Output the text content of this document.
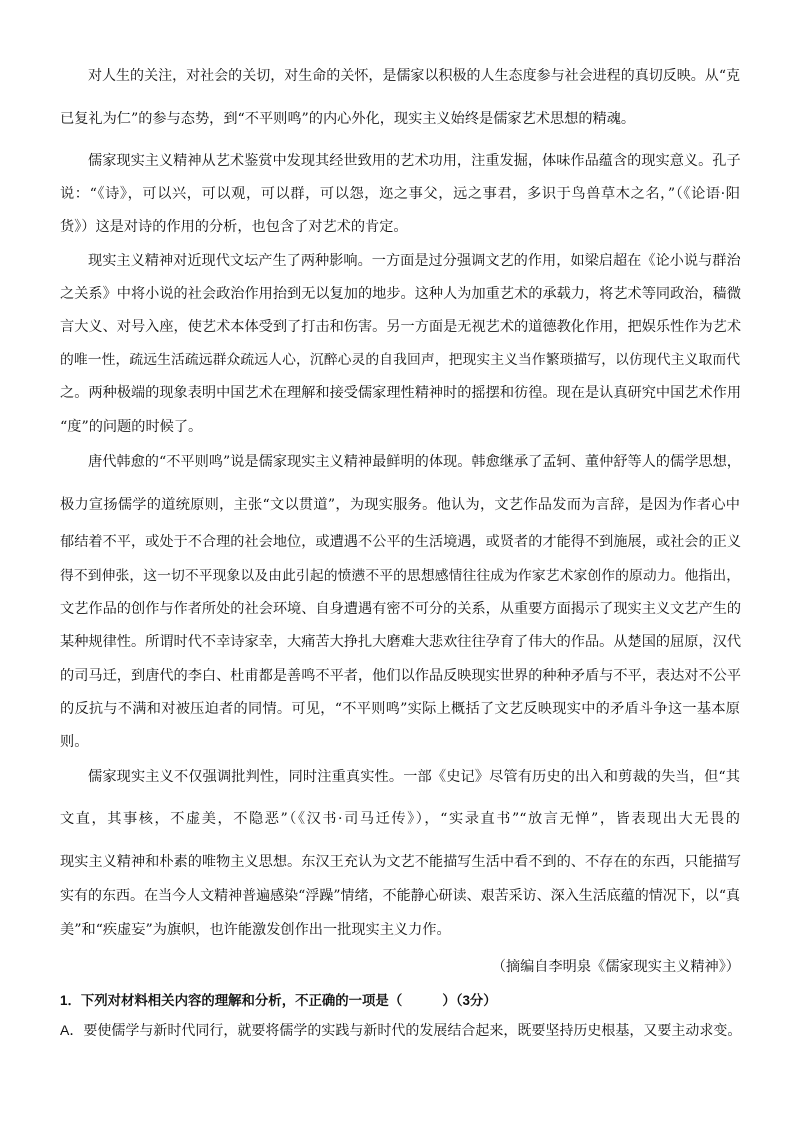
对人生的关注，对社会的关切，对生命的关怀，是儒家以积极的人生态度参与社会进程的真切反映。从“克
已复礼为仁”的参与态势，到“不平则鸣”的内心外化，现实主义始终是儒家艺术思想的精魂。
儒家现实主义精神从艺术鉴赏中发现其经世致用的艺术功用，注重发掘，体味作品蕴含的现实意义。孔子
说：“《诗》，可以兴，可以观，可以群，可以怨，迩之事父，远之事君，多识于鸟兽草木之名，”（《论语·阳
货》）这是对诗的作用的分析，也包含了对艺术的肯定。
现实主义精神对近现代文坛产生了两种影响。一方面是过分强调文艺的作用，如梁启超在《论小说与群治
之关系》中将小说的社会政治作用抬到无以复加的地步。这种人为加重艺术的承载力，将艺术等同政治，穑微
言大义、对号入座，使艺术本体受到了打击和伤害。另一方面是无视艺术的道德教化作用，把娱乐性作为艺术
的唯一性，疏远生活疏远群众疏远人心，沉醉心灵的自我回声，把现实主义当作繁琐描写，以仿现代主义取而代
之。两种极端的现象表明中国艺术在理解和接受儒家理性精神时的摇摆和彷徨。现在是认真研究中国艺术作用
“度”的问题的时候了。
唐代韩愈的“不平则鸣”说是儒家现实主义精神最鲜明的体现。韩愈继承了孟轲、董仲舒等人的儒学思想，
极力宣扬儒学的道统原则，主张“文以贯道”，为现实服务。他认为，文艺作品发而为言辞，是因为作者心中
郁结着不平，或处于不合理的社会地位，或遭遇不公平的生活境遇，或贤者的才能得不到施展，或社会的正义
得不到伸张，这一切不平现象以及由此引起的愤懑不平的思想感情往往成为作家艺术家创作的原动力。他指出，
文艺作品的创作与作者所处的社会环境、自身遭遇有密不可分的关系，从重要方面揭示了现实主义文艺产生的
某种规律性。所谓时代不幸诗家幸，大痛苦大挣扎大磨难大悲欢往往孕育了伟大的作品。从楚国的屈原，汉代
的司马迁，到唐代的李白、杜甫都是善鸣不平者，他们以作品反映现实世界的种种矛盾与不平，表达对不公平
的反抗与不满和对被压迫者的同情。可见，“不平则鸣”实际上概括了文艺反映现实中的矛盾斗争这一基本原
则。
儒家现实主义不仅强调批判性，同时注重真实性。一部《史记》尽管有历史的出入和剪裁的失当，但“其
文直，其事核，不虚美，不隐恶”（《汉书·司马迁传》），“实录直书”“放言无惮”，皆表现出大无畏的
现实主义精神和朴素的唯物主义思想。东汉王充认为文艺不能描写生活中看不到的、不存在的东西，只能描写
实有的东西。在当今人文精神普遍感染“浮躁”情绪，不能静心研读、艰苦采访、深入生活底蕴的情况下，以“真
美”和“疾虚妄”为旗帜，也许能激发创作出一批现实主义力作。
（摘编自李明泉《儒家现实主义精神》）
1．下列对材料相关内容的理解和分析，不正确的一项是（　　　）（3分）
A．要使儒学与新时代同行，就要将儒学的实践与新时代的发展结合起来，既要坚持历史根基，又要主动求变。
